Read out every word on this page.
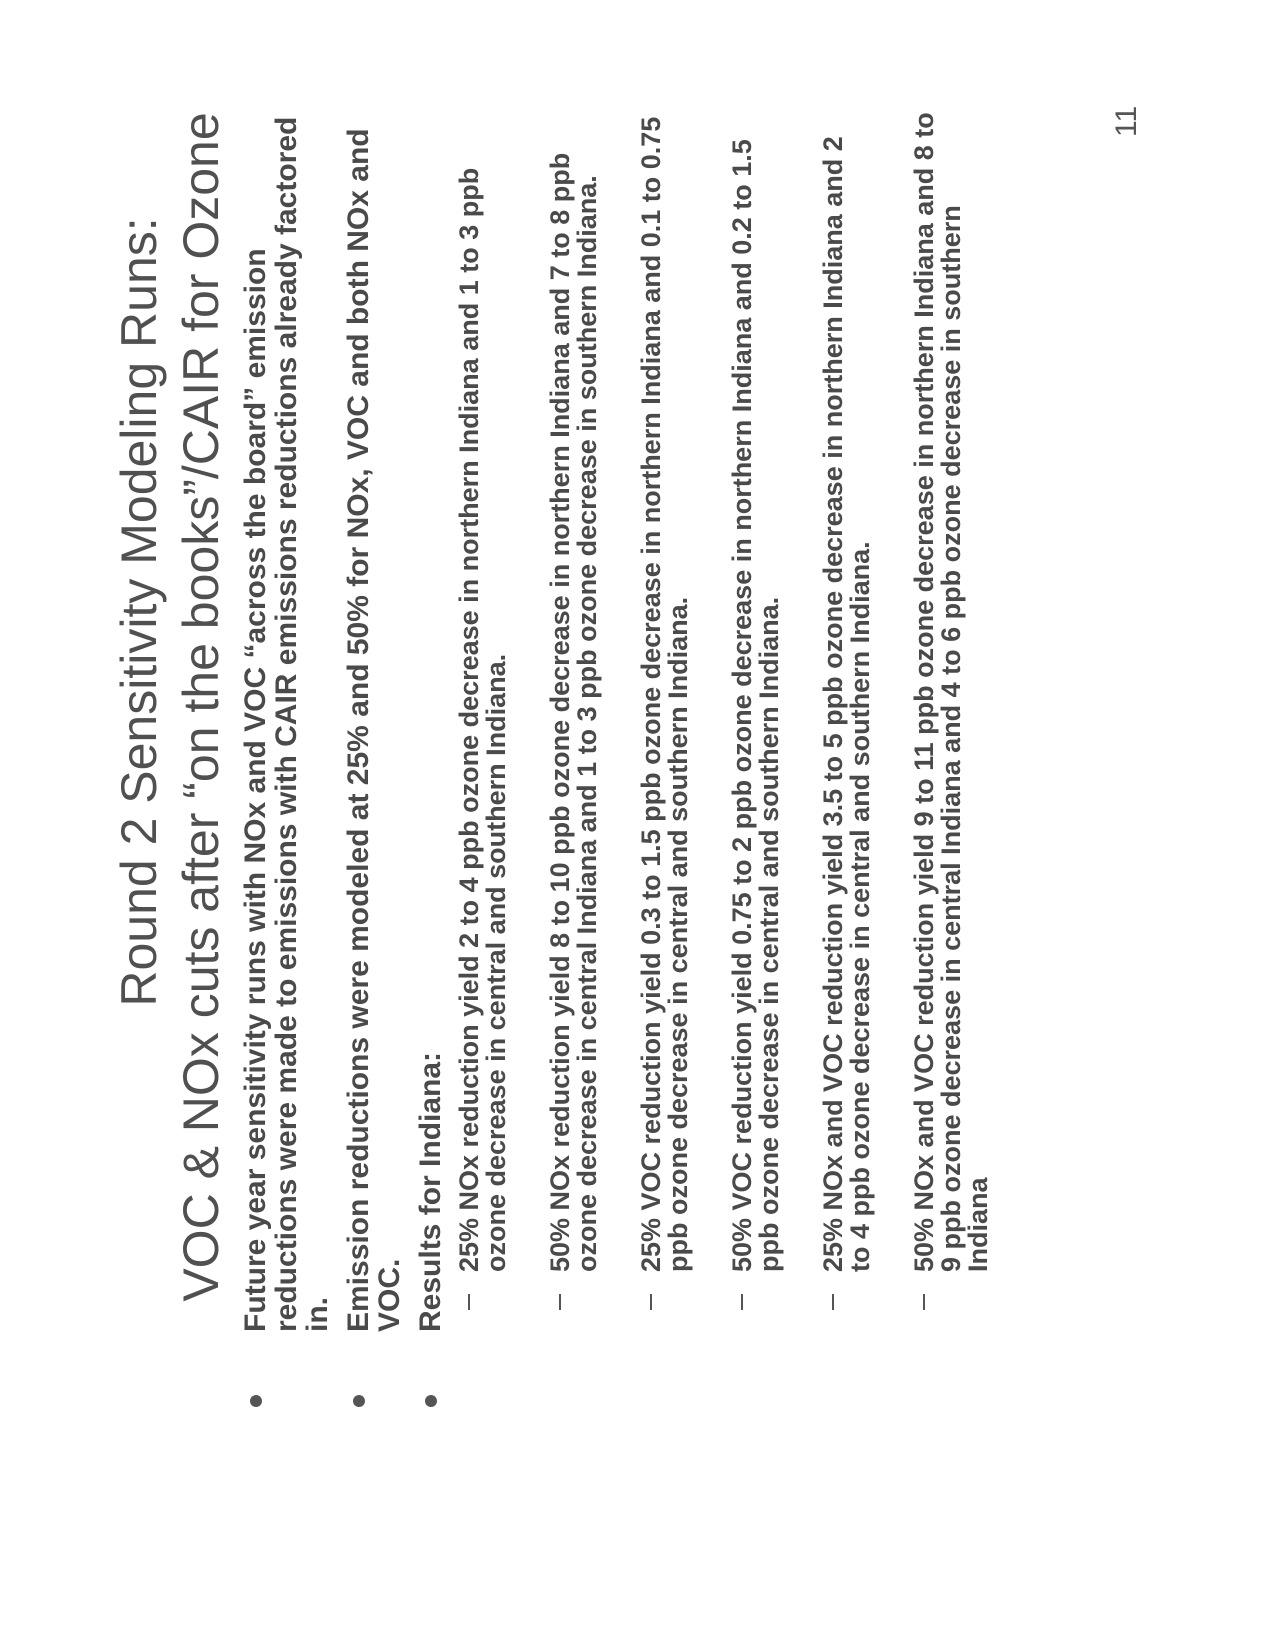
Round 2 Sensitivity Modeling Runs: VOC & NOx cuts after “on the books”/CAIR for Ozone Future year sensitivity runs with NOx and VOC “across the board” emission reductions were made to emissions with CAIR emissions reductions already factored in. Emission reductions were modeled at 25% and 50% for NOx, VOC and both NOx and VOC. Results for Indiana: 25% NOx reduction yield 2 to 4 ppb ozone decrease in northern Indiana and 1 to 3 ppb ozone decrease in central and southern Indiana. 50% NOx reduction yield 8 to 10 ppb ozone decrease in northern Indiana and 7 to 8 ppb ozone decrease in central Indiana and 1 to 3 ppb ozone decrease in southern Indiana. 25% VOC reduction yield 0.3 to 1.5 ppb ozone decrease in northern Indiana and 0.1 to 0.75 ppb ozone decrease in central and southern Indiana. 50% VOC reduction yield 0.75 to 2 ppb ozone decrease in northern Indiana and 0.2 to 1.5 ppb ozone decrease in central and southern Indiana. 25% NOx and VOC reduction yield 3.5 to 5 ppb ozone decrease in northern Indiana and 2 to 4 ppb ozone decrease in central and southern Indiana. 50% NOx and VOC reduction yield 9 to 11 ppb ozone decrease in northern Indiana and 8 to 9 ppb ozone decrease in central Indiana and 4 to 6 ppb ozone decrease in southern Indiana
11
